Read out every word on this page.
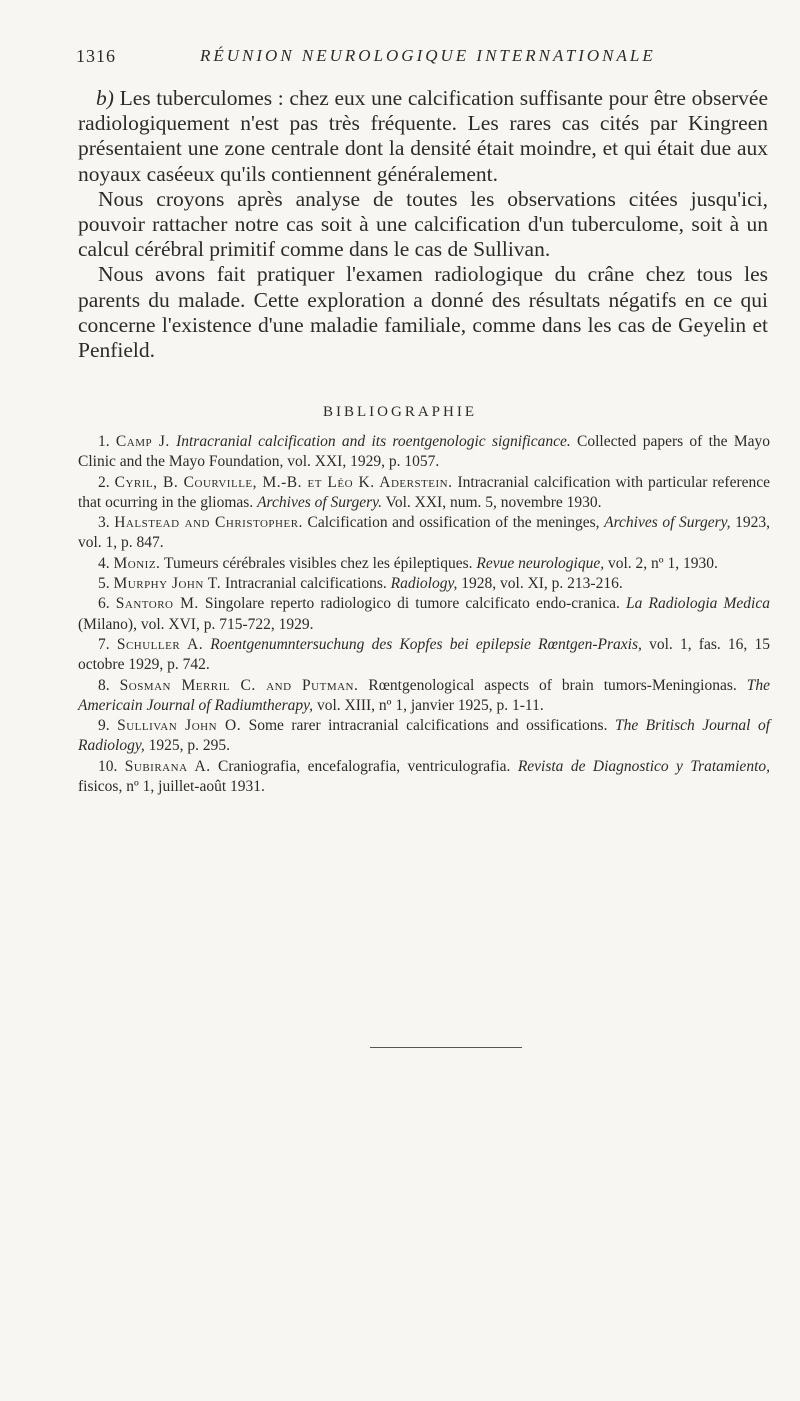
1316	RÉUNION NEUROLOGIQUE INTERNATIONALE

b) Les tuberculomes : chez eux une calcification suffisante pour être observée radiologiquement n'est pas très fréquente. Les rares cas cités par Kingreen présentaient une zone centrale dont la densité était moindre, et qui était due aux noyaux caséeux qu'ils contiennent généralement.

Nous croyons après analyse de toutes les observations citées jusqu'ici, pouvoir rattacher notre cas soit à une calcification d'un tuberculome, soit à un calcul cérébral primitif comme dans le cas de Sullivan.

Nous avons fait pratiquer l'examen radiologique du crâne chez tous les parents du malade. Cette exploration a donné des résultats négatifs en ce qui concerne l'existence d'une maladie familiale, comme dans les cas de Geyelin et Penfield.

BIBLIOGRAPHIE

1. Camp J. Intracranial calcification and its roentgenologic significance. Collected papers of the Mayo Clinic and the Mayo Foundation, vol. XXI, 1929, p. 1057.

2. Cyril, B. Courville, M.-B. et Léo K. Aderstein. Intracranial calcification with particular reference that ocurring in the gliomas. Archives of Surgery. Vol. XXI, num. 5, novembre 1930.

3. Halstead and Christopher. Calcification and ossification of the meninges, Archives of Surgery, 1923, vol. 1, p. 847.

4. Moniz. Tumeurs cérébrales visibles chez les épileptiques. Revue neurologique, vol. 2, nº 1, 1930.

5. Murphy John T. Intracranial calcifications. Radiology, 1928, vol. XI, p. 213-216.

6. Santoro M. Singolare reperto radiologico di tumore calcificato endo-cranica. La Radiologia Medica (Milano), vol. XVI, p. 715-722, 1929.

7. Schuller A. Roentgenumntersuchung des Kopfes bei epilepsie Rœntgen-Praxis, vol. 1, fas. 16, 15 octobre 1929, p. 742.

8. Sosman Merril C. and Putman. Rœntgenological aspects of brain tumors-Meningionas. The Americain Journal of Radiumtherapy, vol. XIII, nº 1, janvier 1925, p. 1-11.

9. Sullivan John O. Some rarer intracranial calcifications and ossifications. The Britisch Journal of Radiology, 1925, p. 295.

10. Subirana A. Craniografia, encefalografia, ventriculografia. Revista de Diagnostico y Tratamiento, fisicos, nº 1, juillet-août 1931.
